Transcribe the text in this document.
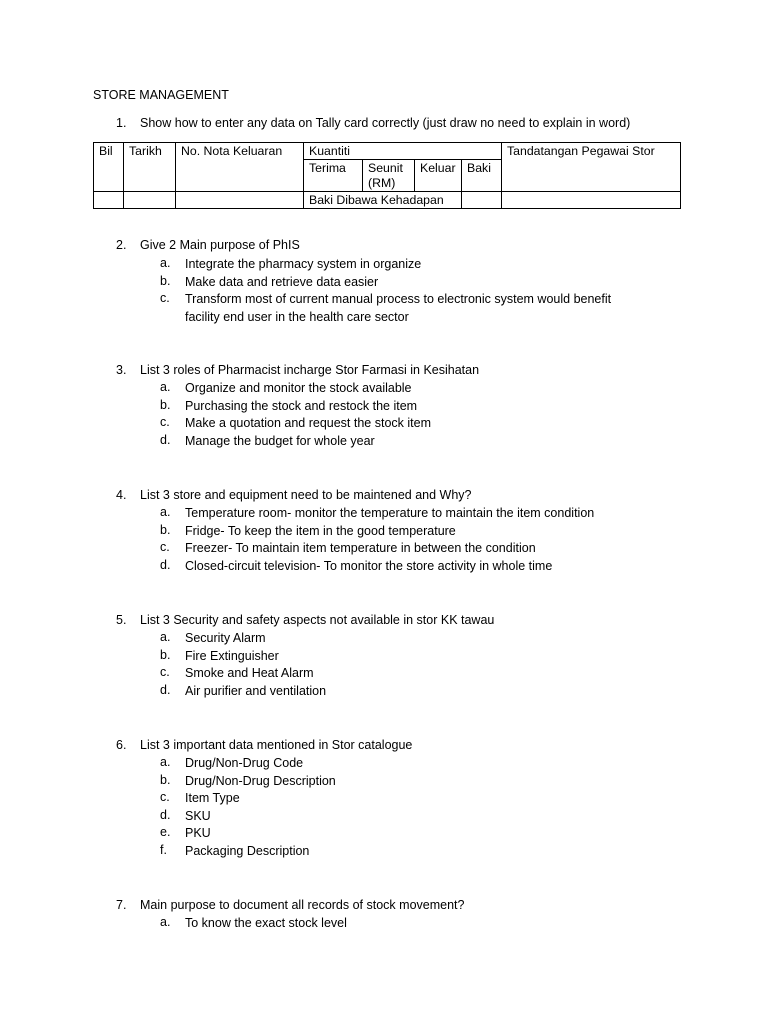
STORE MANAGEMENT
1.	Show how to enter any data on Tally card correctly (just draw no need to explain in word)
Bil	Tarikh	No. Nota Keluaran	Kuantiti				Tandatangan Pegawai Stor
			Terima	Seunit (RM)	Keluar	Baki	
			Baki Dibawa Kehadapan				
2.	Give 2 Main purpose of PhIS
a. Integrate the pharmacy system in organize
b. Make data and retrieve data easier
c. Transform most of current manual process to electronic system would benefit
facility end user in the health care sector
3.	List 3 roles of Pharmacist incharge Stor Farmasi in Kesihatan
a. Organize and monitor the stock available
b. Purchasing the stock and restock the item
c. Make a quotation and request the stock item
d. Manage the budget for whole year
4.	List 3 store and equipment need to be maintened and Why?
a. Temperature room- monitor the temperature to maintain the item condition
b. Fridge- To keep the item in the good temperature
c. Freezer- To maintain item temperature in between the condition
d. Closed-circuit television- To monitor the store activity in whole time
5.	List 3 Security and safety aspects not available in stor KK tawau
a. Security Alarm
b. Fire Extinguisher
c. Smoke and Heat Alarm
d. Air purifier and ventilation
6.	List 3 important data mentioned in Stor catalogue
a. Drug/Non-Drug Code
b. Drug/Non-Drug Description
c. Item Type
d. SKU
e. PKU
f. Packaging Description
7.	Main purpose to document all records of stock movement?
a. To know the exact stock level
